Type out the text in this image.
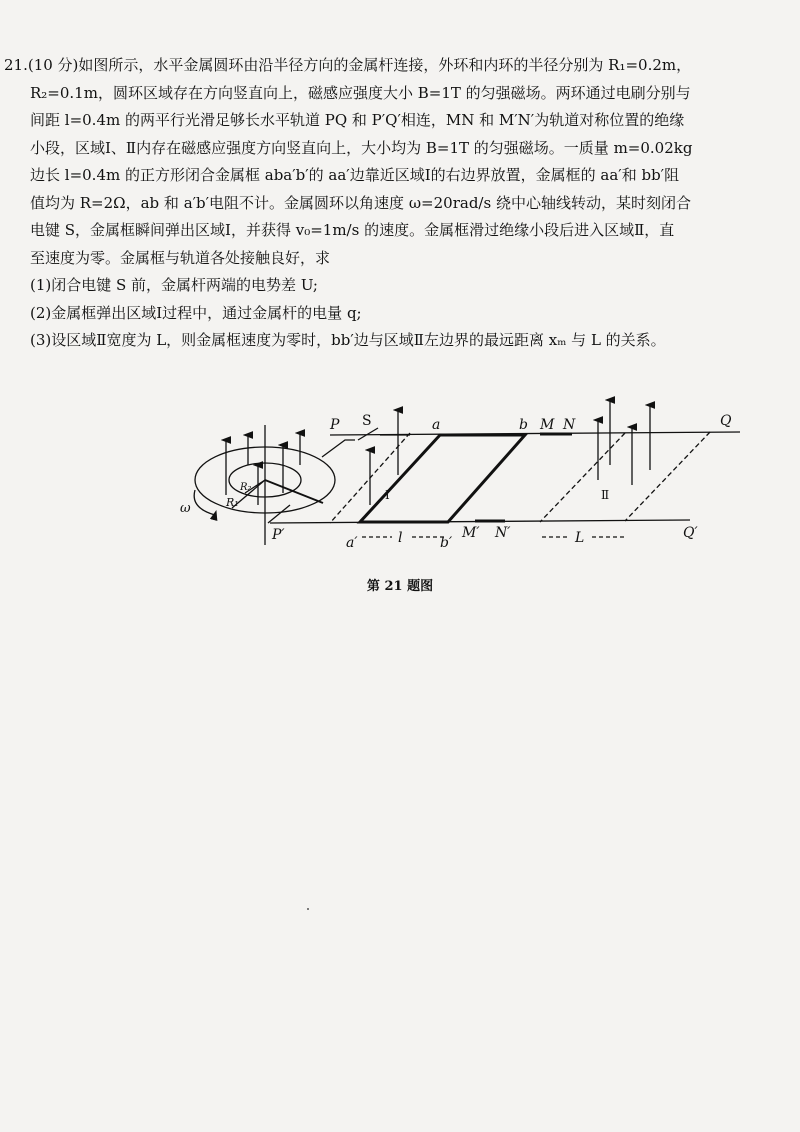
21.(10 分)如图所示，水平金属圆环由沿半径方向的金属杆连接，外环和内环的半径分别为 R₁=0.2m，

R₂=0.1m，圆环区域存在方向竖直向上，磁感应强度大小 B=1T 的匀强磁场。两环通过电刷分别与

间距 l=0.4m 的两平行光滑足够长水平轨道 PQ 和 P′Q′相连，MN 和 M′N′为轨道对称位置的绝缘

小段，区域Ⅰ、Ⅱ内存在磁感应强度方向竖直向上，大小均为 B=1T 的匀强磁场。一质量 m=0.02kg

边长 l=0.4m 的正方形闭合金属框 aba′b′的 aa′边靠近区域Ⅰ的右边界放置，金属框的 aa′和 bb′阻

值均为 R=2Ω，ab 和 a′b′电阻不计。金属圆环以角速度 ω=20rad/s 绕中心轴线转动，某时刻闭合

电键 S，金属框瞬间弹出区域Ⅰ，并获得 v₀=1m/s 的速度。金属框滑过绝缘小段后进入区域Ⅱ，直

至速度为零。金属框与轨道各处接触良好，求

(1)闭合电键 S 前，金属杆两端的电势差 U;

(2)金属框弹出区域Ⅰ过程中，通过金属杆的电量 q;

(3)设区域Ⅱ宽度为 L，则金属框速度为零时，bb′边与区域Ⅱ左边界的最远距离 xₘ 与 L 的关系。

P S	a	b M N	Q
P′	a′	l	b′
M′ N′	L	Q′
Ⅰ	Ⅱ
R₁
R₂
ω
第 21 题图
